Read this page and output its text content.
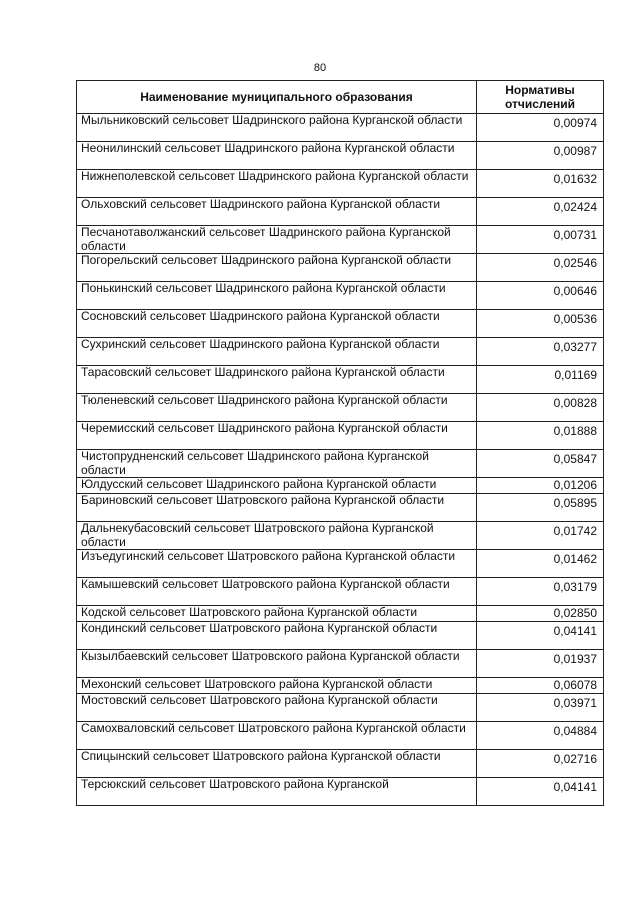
80
Наименование муниципального образования	Нормативы отчислений
Мыльниковский сельсовет Шадринского района Курганской области	0,00974
Неонилинский сельсовет Шадринского района Курганской области	0,00987
Нижнеполевской сельсовет Шадринского района Курганской области	0,01632
Ольховский сельсовет Шадринского района Курганской области	0,02424
Песчанотаволжанский сельсовет Шадринского района Курганской области	0,00731
Погорельский сельсовет Шадринского района Курганской области	0,02546
Понькинский сельсовет Шадринского района Курганской области	0,00646
Сосновский сельсовет Шадринского района Курганской области	0,00536
Сухринский сельсовет Шадринского района Курганской области	0,03277
Тарасовский сельсовет Шадринского района Курганской области	0,01169
Тюленевский сельсовет Шадринского района Курганской области	0,00828
Черемисский сельсовет Шадринского района Курганской области	0,01888
Чистопрудненский сельсовет Шадринского района Курганской области	0,05847
Юлдусский сельсовет Шадринского района Курганской области	0,01206
Бариновский сельсовет Шатровского района Курганской области	0,05895
Дальнекубасовский сельсовет Шатровского района Курганской области	0,01742
Изъедугинский сельсовет Шатровского района Курганской области	0,01462
Камышевский сельсовет Шатровского района Курганской области	0,03179
Кодской сельсовет Шатровского района Курганской области	0,02850
Кондинский сельсовет Шатровского района Курганской области	0,04141
Кызылбаевский сельсовет Шатровского района Курганской области	0,01937
Мехонский сельсовет Шатровского района Курганской области	0,06078
Мостовский сельсовет Шатровского района Курганской области	0,03971
Самохваловский сельсовет Шатровского района Курганской области	0,04884
Спицынский сельсовет Шатровского района Курганской области	0,02716
Терсюкский сельсовет Шатровского района Курганской	0,04141
